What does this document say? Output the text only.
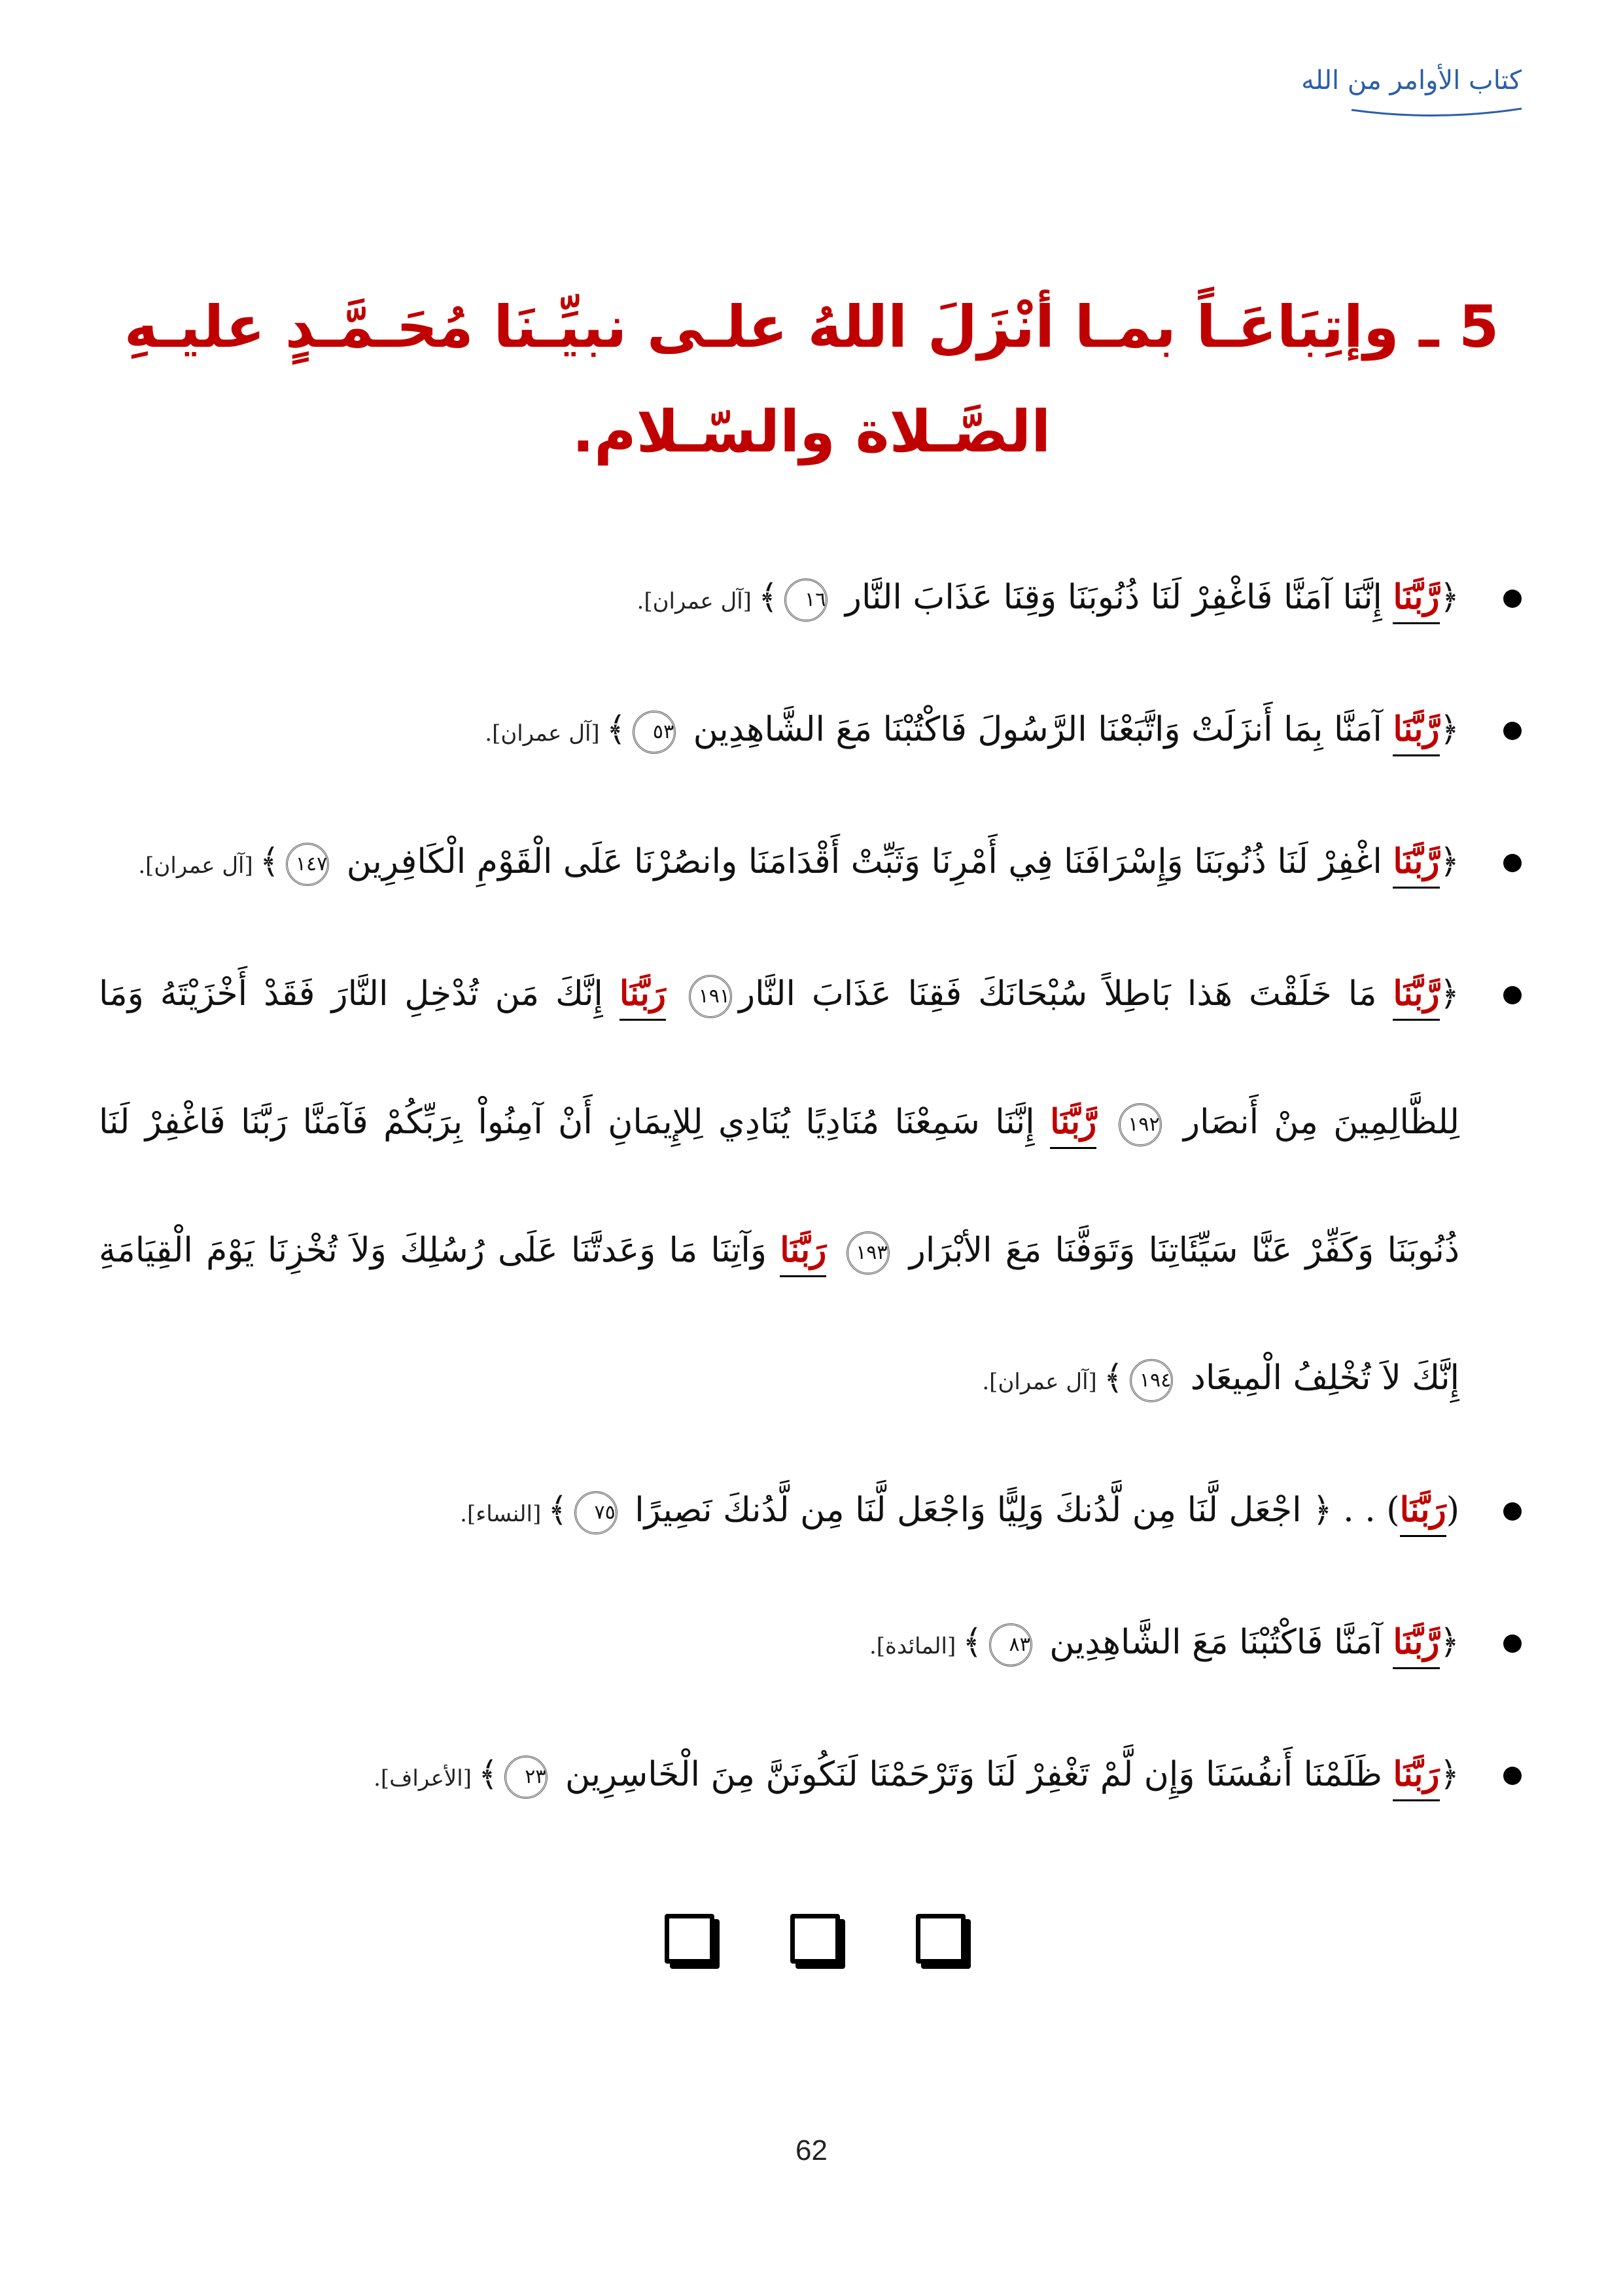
كتاب الأوامر من الله
5 ـ وإتِبَاعَـاً بمـا أنْزَلَ اللهُ علـى نبيِّـنَا مُحَـمَّـدٍ عليـهِ الصَّـلاة والسّـلام.
﴿رَّبَّنَا إِنَّنَا آمَنَّا فَاغْفِرْ لَنَا ذُنُوبَنَا وَقِنَا عَذَابَ النَّار ١٦﴾[آل عمران].
﴿رَّبَّنَا آمَنَّا بِمَا أَنزَلَتْ وَاتَّبَعْنَا الرَّسُولَ فَاكْتُبْنَا مَعَ الشَّاهِدِين ٥٣﴾[آل عمران].
﴿رَّبَّنَا اغْفِرْ لَنَا ذُنُوبَنَا وَإِسْرَافَنَا فِي أَمْرِنَا وَثَبِّتْ أَقْدَامَنَا وانصُرْنَا عَلَى الْقَوْمِ الْكَافِرِين ١٤٧﴾[آل عمران].
﴿رَّبَّنَا مَا خَلَقْتَ هَذا بَاطِلاً سُبْحَانَكَ فَقِنَا عَذَابَ النَّار١٩١ رَبَّنَا إِنَّكَ مَن تُدْخِلِ النَّارَ فَقَدْ أَخْزَيْتَهُ وَمَا لِلظَّالِمِينَ مِنْ أَنصَار ١٩٢ رَّبَّنَا إِنَّنَا سَمِعْنَا مُنَادِيًا يُنَادِي لِلإِيمَانِ أَنْ آمِنُواْ بِرَبِّكُمْ فَآمَنَّا رَبَّنَا فَاغْفِرْ لَنَا ذُنُوبَنَا وَكَفِّرْ عَنَّا سَيِّئَاتِنَا وَتَوَفَّنَا مَعَ الأبْرَار ١٩٣ رَبَّنَا وَآتِنَا مَا وَعَدتَّنَا عَلَى رُسُلِكَ وَلاَ تُخْزِنَا يَوْمَ الْقِيَامَةِ إِنَّكَ لاَ تُخْلِفُ الْمِيعَاد ١٩٤﴾[آل عمران].
(رَبَّنَا) . . ﴿ اجْعَل لَّنَا مِن لَّدُنكَ وَلِيًّا وَاجْعَل لَّنَا مِن لَّدُنكَ نَصِيرًا ٧٥﴾[النساء].
﴿رَّبَّنَا آمَنَّا فَاكْتُبْنَا مَعَ الشَّاهِدِين ٨٣﴾[المائدة].
﴿رَبَّنَا ظَلَمْنَا أَنفُسَنَا وَإِن لَّمْ تَغْفِرْ لَنَا وَتَرْحَمْنَا لَنَكُونَنَّ مِنَ الْخَاسِرِين ٢٣﴾[الأعراف].
62
